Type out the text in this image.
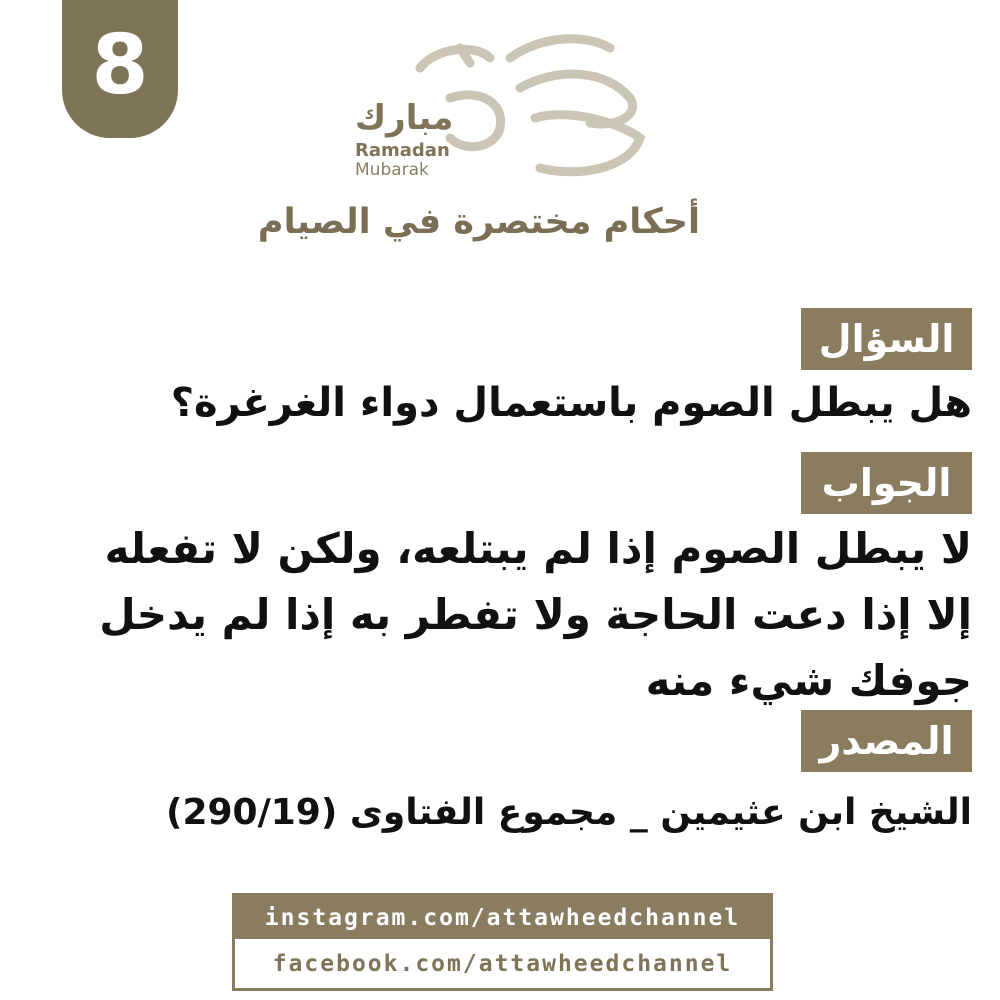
8
مبارك
Ramadan
Mubarak
أحكام مختصرة في الصيام
السؤال
هل يبطل الصوم باستعمال دواء الغرغرة؟
الجواب
لا يبطل الصوم إذا لم يبتلعه، ولكن لا تفعله
إلا إذا دعت الحاجة ولا تفطر به إذا لم يدخل
جوفك شيء منه
المصدر
الشيخ ابن عثيمين _ مجموع الفتاوى (290/19)
instagram.com/attawheedchannel
facebook.com/attawheedchannel
